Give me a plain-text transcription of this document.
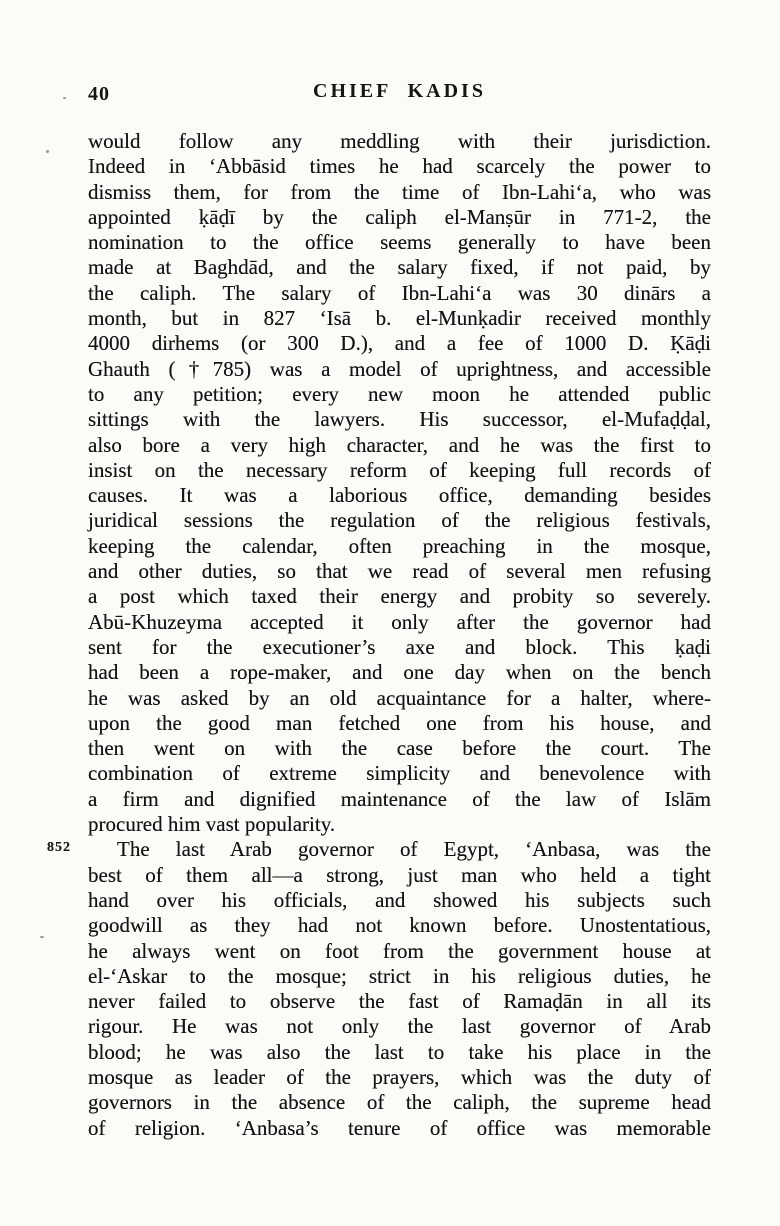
40	CHIEF KADIS
would follow any meddling with their jurisdiction.
Indeed in ‘Abbāsid times he had scarcely the power to
dismiss them, for from the time of Ibn-Lahi‘a, who was
appointed ḳāḍī by the caliph el-Manṣūr in 771-2, the
nomination to the office seems generally to have been
made at Baghdād, and the salary fixed, if not paid, by
the caliph. The salary of Ibn-Lahi‘a was 30 dinārs a
month, but in 827 ‘Isā b. el-Munḳadir received monthly
4000 dirhems (or 300 D.), and a fee of 1000 D. Ḳāḍi
Ghauth (†785) was a model of uprightness, and accessible
to any petition; every new moon he attended public
sittings with the lawyers. His successor, el-Mufaḍḍal,
also bore a very high character, and he was the first to
insist on the necessary reform of keeping full records of
causes. It was a laborious office, demanding besides
juridical sessions the regulation of the religious festivals,
keeping the calendar, often preaching in the mosque,
and other duties, so that we read of several men refusing
a post which taxed their energy and probity so severely.
Abū-Khuzeyma accepted it only after the governor had
sent for the executioner’s axe and block. This ḳaḍi
had been a rope-maker, and one day when on the bench
he was asked by an old acquaintance for a halter, where-
upon the good man fetched one from his house, and
then went on with the case before the court. The
combination of extreme simplicity and benevolence with
a firm and dignified maintenance of the law of Islām
procured him vast popularity.
The last Arab governor of Egypt, ‘Anbasa, was the
852
best of them all—a strong, just man who held a tight
hand over his officials, and showed his subjects such
goodwill as they had not known before. Unostentatious,
he always went on foot from the government house at
el-‘Askar to the mosque; strict in his religious duties, he
never failed to observe the fast of Ramaḍān in all its
rigour. He was not only the last governor of Arab
blood; he was also the last to take his place in the
mosque as leader of the prayers, which was the duty of
governors in the absence of the caliph, the supreme head
of religion. ‘Anbasa’s tenure of office was memorable
